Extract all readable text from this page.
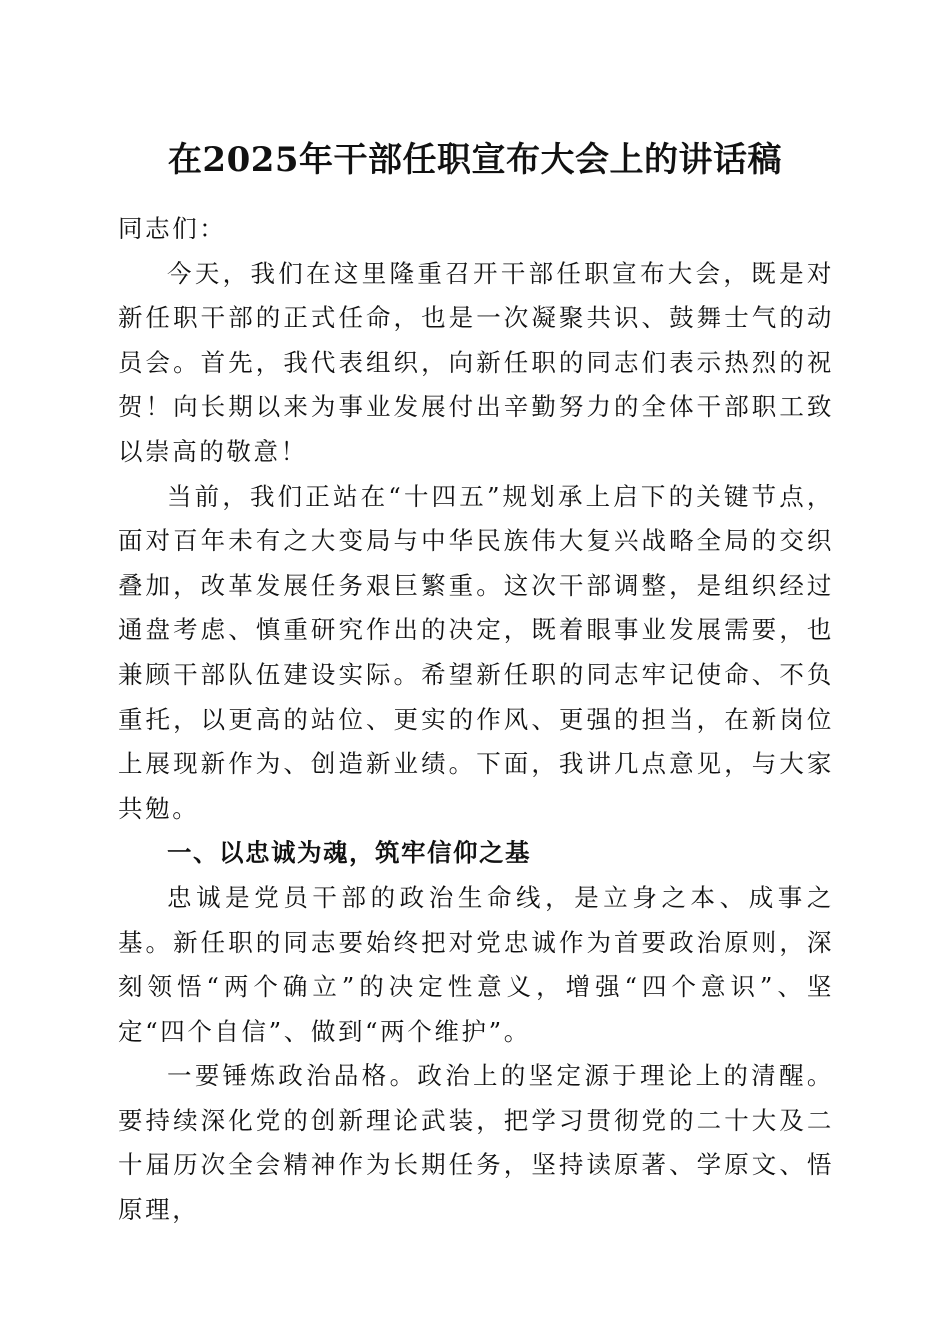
在2025年干部任职宣布大会上的讲话稿

同志们：

今天，我们在这里隆重召开干部任职宣布大会，既是对新任职干部的正式任命，也是一次凝聚共识、鼓舞士气的动员会。首先，我代表组织，向新任职的同志们表示热烈的祝贺！向长期以来为事业发展付出辛勤努力的全体干部职工致以崇高的敬意！

当前，我们正站在“十四五”规划承上启下的关键节点，面对百年未有之大变局与中华民族伟大复兴战略全局的交织叠加，改革发展任务艰巨繁重。这次干部调整，是组织经过通盘考虑、慎重研究作出的决定，既着眼事业发展需要，也兼顾干部队伍建设实际。希望新任职的同志牢记使命、不负重托，以更高的站位、更实的作风、更强的担当，在新岗位上展现新作为、创造新业绩。下面，我讲几点意见，与大家共勉。

一、以忠诚为魂，筑牢信仰之基

忠诚是党员干部的政治生命线，是立身之本、成事之基。新任职的同志要始终把对党忠诚作为首要政治原则，深刻领悟“两个确立”的决定性意义，增强“四个意识”、坚定“四个自信”、做到“两个维护”。

一要锤炼政治品格。政治上的坚定源于理论上的清醒。要持续深化党的创新理论武装，把学习贯彻党的二十大及二十届历次全会精神作为长期任务，坚持读原著、学原文、悟原理，
